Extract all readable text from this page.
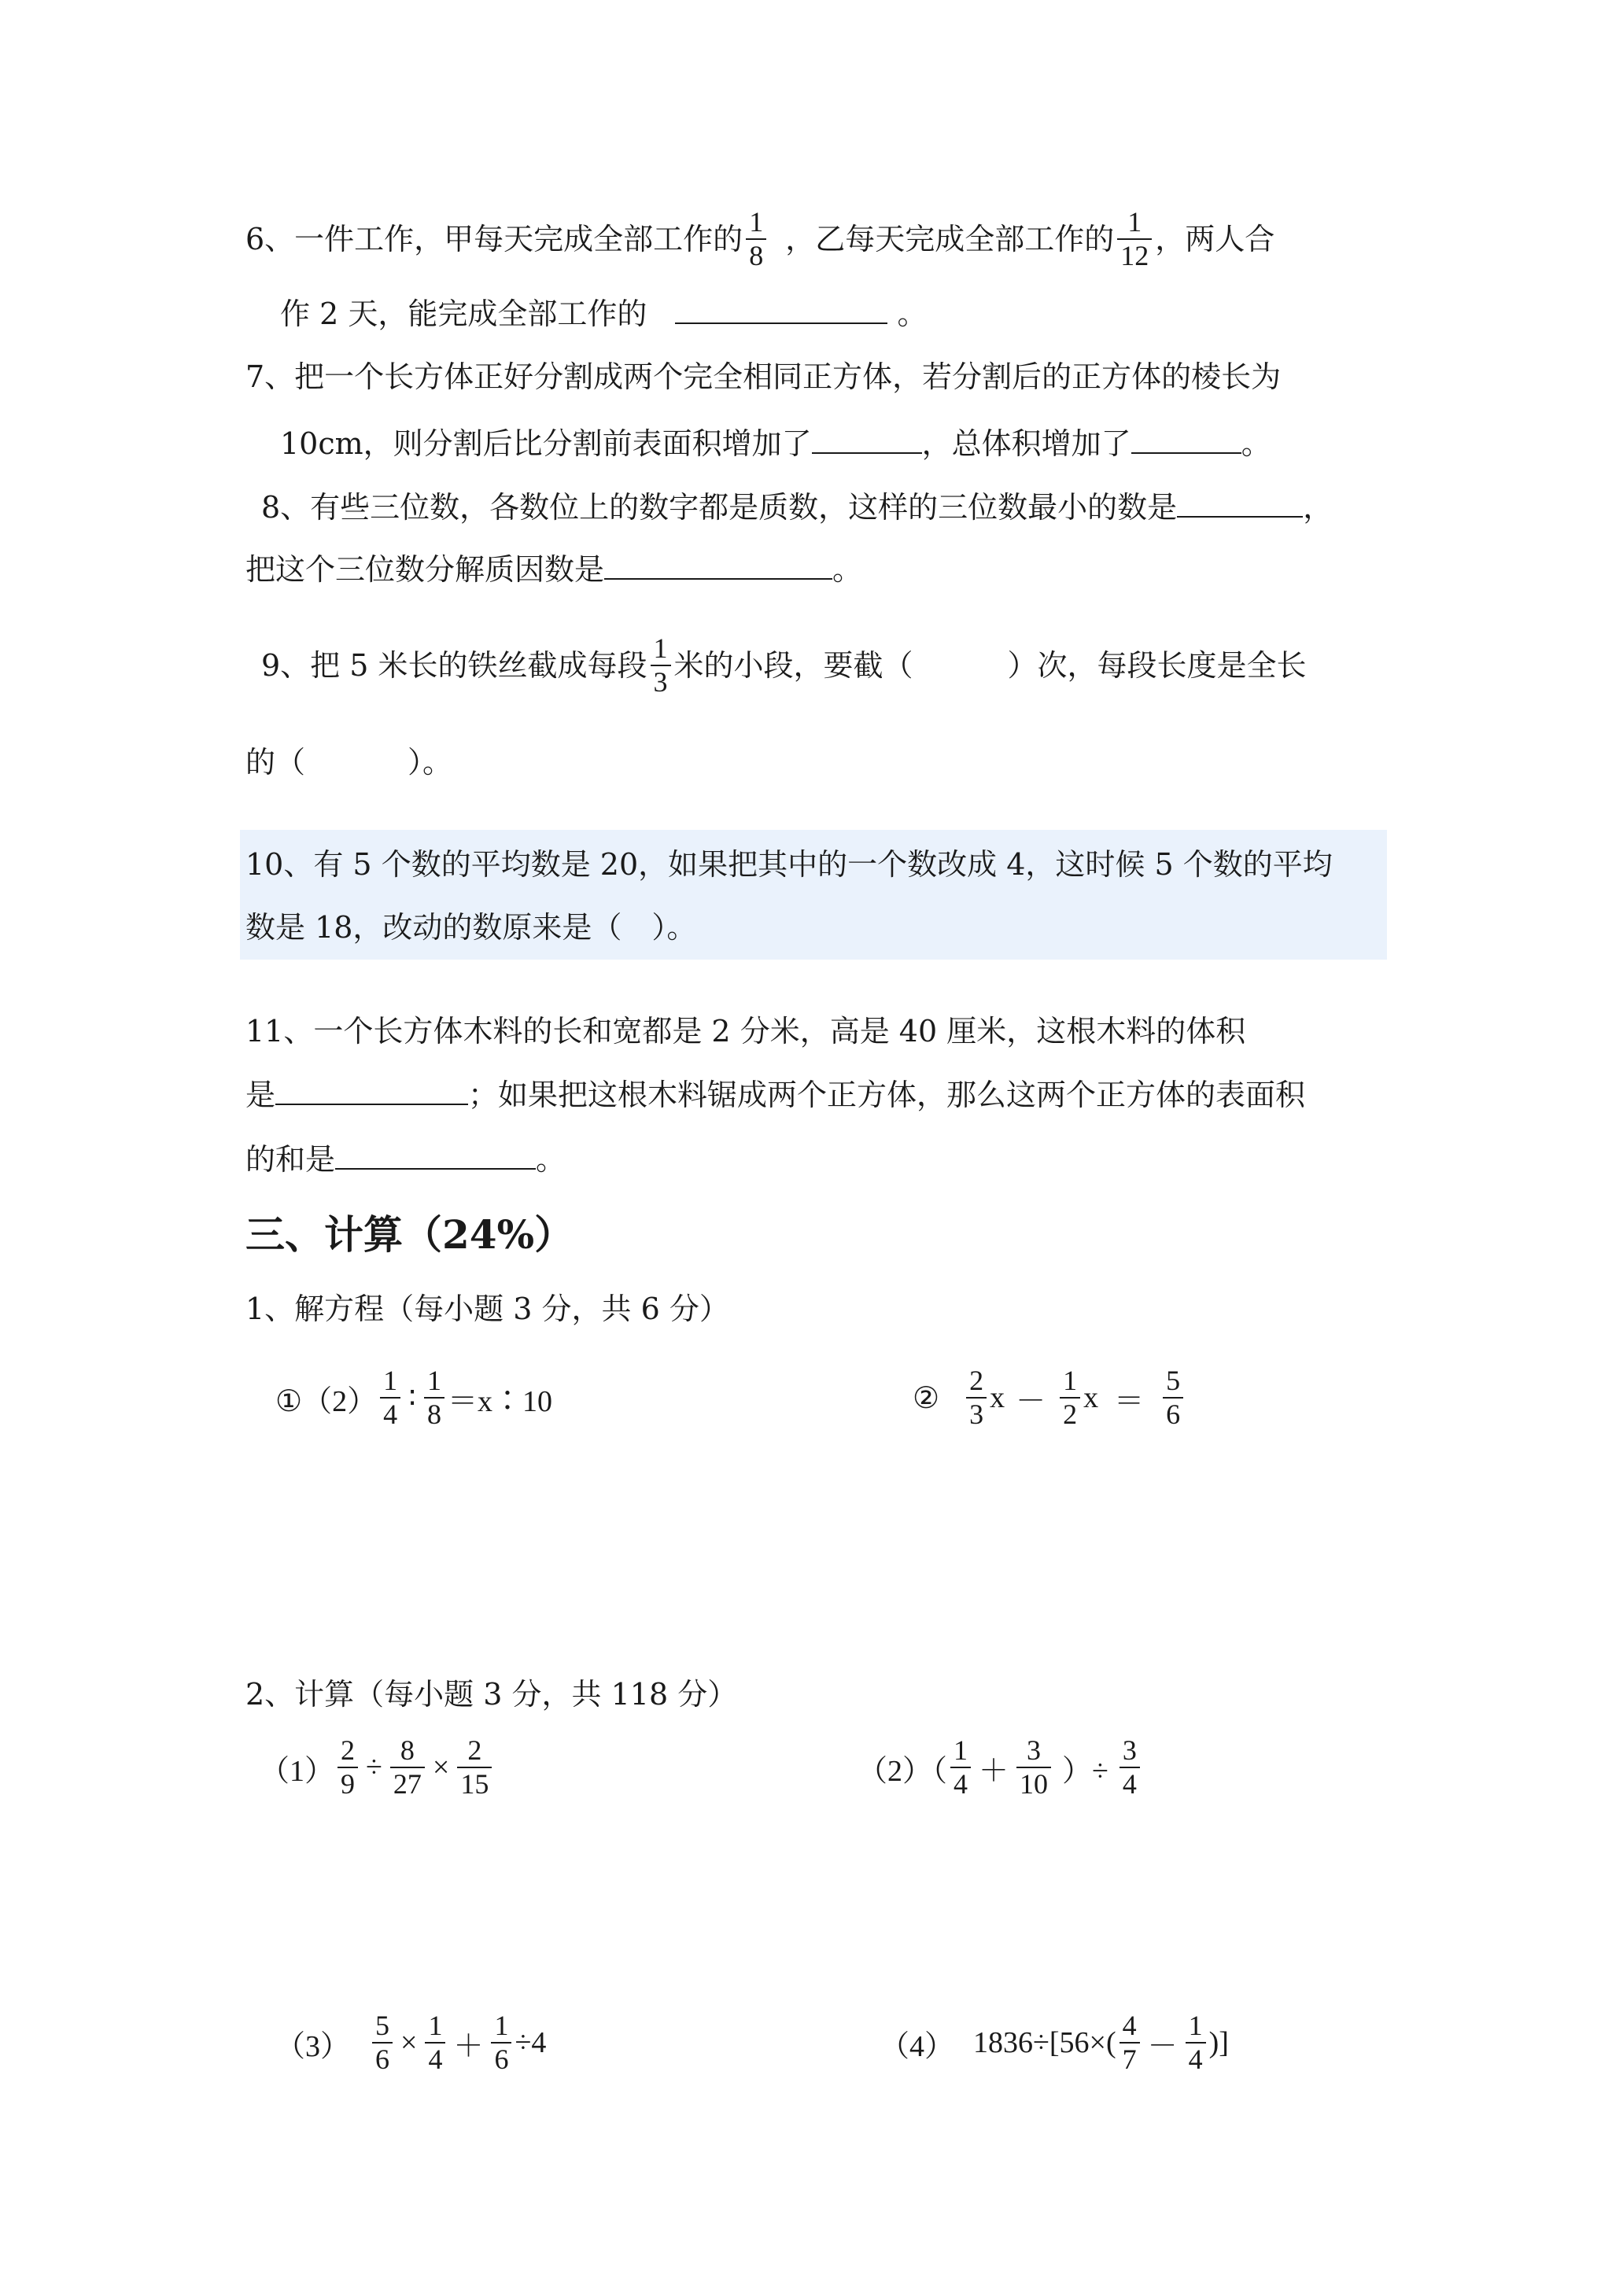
6、一件工作，甲每天完成全部工作的 $\frac{1}{8}$ ，乙每天完成全部工作的 $\frac{1}{12}$ ，两人合
作 2 天，能完成全部工作的	。
7、把一个长方体正好分割成两个完全相同正方体，若分割后的正方体的棱长为
10cm，则分割后比分割前表面积增加了	，总体积增加了	。
8、有些三位数，各数位上的数字都是质数，这样的三位数最小的数是	，
把这个三位数分解质因数是	。
9、把 5 米长的铁丝截成每段 $\frac{1}{3}$ 米的小段，要截（	）次，每段长度是全长
的（	）。
10、有 5 个数的平均数是 20，如果把其中的一个数改成 4，这时候 5 个数的平均
数是 18，改动的数原来是（　）。
11、一个长方体木料的长和宽都是 2 分米，高是 40 厘米，这根木料的体积
是	；如果把这根木料锯成两个正方体，那么这两个正方体的表面积
的和是	。
三、计算（24%）
1、解方程（每小题 3 分，共 6 分）
①（2） $\frac{1}{4}$ ∶ $\frac{1}{8}$ ＝x∶10	② $\frac{2}{3}$ $x - \frac{1}{2}$ $x = \frac{5}{6}$
2、计算（每小题 3 分，共 118 分）
$(1) \frac{2}{9} \div \frac{8}{27} \times \frac{2}{15}$	$(2)( \frac{1}{4} + \frac{3}{10}$ ）÷ $\frac{3}{4}$
$(3) \frac{5}{6} \times \frac{1}{4} + \frac{1}{6} \div 4$	（4） $1836\div[56\times( \frac{4}{7} - \frac{1}{4}$ )]
